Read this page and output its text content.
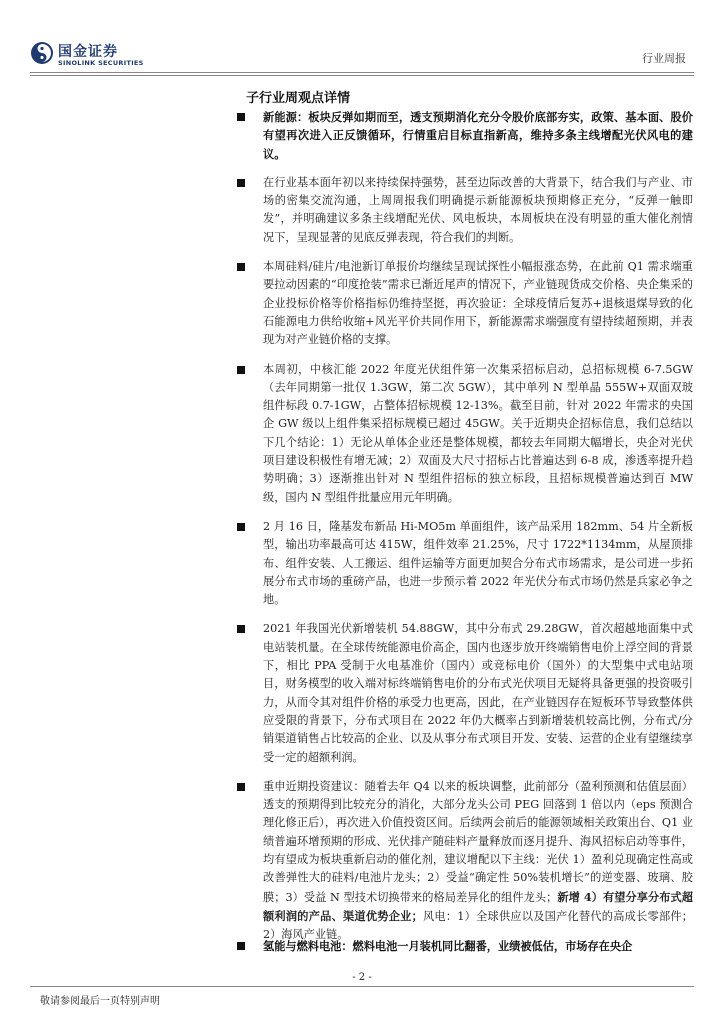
国金证券
SINOLINK SECURITIES	行业周报
子行业周观点详情
新能源：板块反弹如期而至，透支预期消化充分令股价底部夯实，政策、基本面、股价有望再次进入正反馈循环，行情重启目标直指新高，维持多条主线增配光伏风电的建议。
在行业基本面年初以来持续保持强势，甚至边际改善的大背景下，结合我们与产业、市场的密集交流沟通，上周周报我们明确提示新能源板块预期修正充分，“反弹一触即发”，并明确建议多条主线增配光伏、风电板块，本周板块在没有明显的重大催化剂情况下，呈现显著的见底反弹表现，符合我们的判断。
本周硅料/硅片/电池新订单报价均继续呈现试探性小幅报涨态势，在此前 Q1 需求端重要拉动因素的“印度抢装”需求已渐近尾声的情况下，产业链现货成交价格、央企集采的企业投标价格等价格指标仍维持坚挺，再次验证：全球疫情后复苏+退核退煤导致的化石能源电力供给收缩+风光平价共同作用下，新能源需求端强度有望持续超预期，并表现为对产业链价格的支撑。
本周初，中核汇能 2022 年度光伏组件第一次集采招标启动，总招标规模 6-7.5GW（去年同期第一批仅 1.3GW，第二次 5GW），其中单列 N 型单晶 555W+双面双玻组件标段 0.7-1GW，占整体招标规模 12-13%。截至目前，针对 2022 年需求的央国企 GW 级以上组件集采招标规模已超过 45GW。关于近期央企招标信息，我们总结以下几个结论：1）无论从单体企业还是整体规模，都较去年同期大幅增长，央企对光伏项目建设积极性有增无减；2）双面及大尺寸招标占比普遍达到 6-8 成，渗透率提升趋势明确；3）逐渐推出针对 N 型组件招标的独立标段，且招标规模普遍达到百 MW 级，国内 N 型组件批量应用元年明确。
2 月 16 日，隆基发布新品 Hi-MO5m 单面组件，该产品采用 182mm、54 片全新板型，输出功率最高可达 415W，组件效率 21.25%，尺寸 1722*1134mm，从屋顶排布、组件安装、人工搬运、组件运输等方面更加契合分布式市场需求，是公司进一步拓展分布式市场的重磅产品，也进一步预示着 2022 年光伏分布式市场仍然是兵家必争之地。
2021 年我国光伏新增装机 54.88GW，其中分布式 29.28GW，首次超越地面集中式电站装机量。在全球传统能源电价高企，国内也逐步放开终端销售电价上浮空间的背景下，相比 PPA 受制于火电基准价（国内）或竞标电价（国外）的大型集中式电站项目，财务模型的收入端对标终端销售电价的分布式光伏项目无疑将具备更强的投资吸引力，从而令其对组件价格的承受力也更高，因此，在产业链因存在短板环节导致整体供应受限的背景下，分布式项目在 2022 年仍大概率占到新增装机较高比例，分布式/分销渠道销售占比较高的企业、以及从事分布式项目开发、安装、运营的企业有望继续享受一定的超额利润。
重申近期投资建议：随着去年 Q4 以来的板块调整，此前部分（盈利预测和估值层面）透支的预期得到比较充分的消化，大部分龙头公司 PEG 回落到 1 倍以内（eps 预测合理化修正后），再次进入价值投资区间。后续两会前后的能源领域相关政策出台、Q1 业绩普遍环增预期的形成、光伏排产随硅料产量释放而逐月提升、海风招标启动等事件，均有望成为板块重新启动的催化剂，建议增配以下主线：光伏 1）盈利兑现确定性高或改善弹性大的硅料/电池片龙头；2）受益“确定性 50%装机增长”的逆变器、玻璃、胶膜；3）受益 N 型技术切换带来的格局差异化的组件龙头；新增 4）有望分享分布式超额利润的产品、渠道优势企业；风电：1）全球供应以及国产化替代的高成长零部件；2）海风产业链。
氢能与燃料电池：燃料电池一月装机同比翻番，业绩被低估，市场存在央企
- 2 -
敬请参阅最后一页特别声明
